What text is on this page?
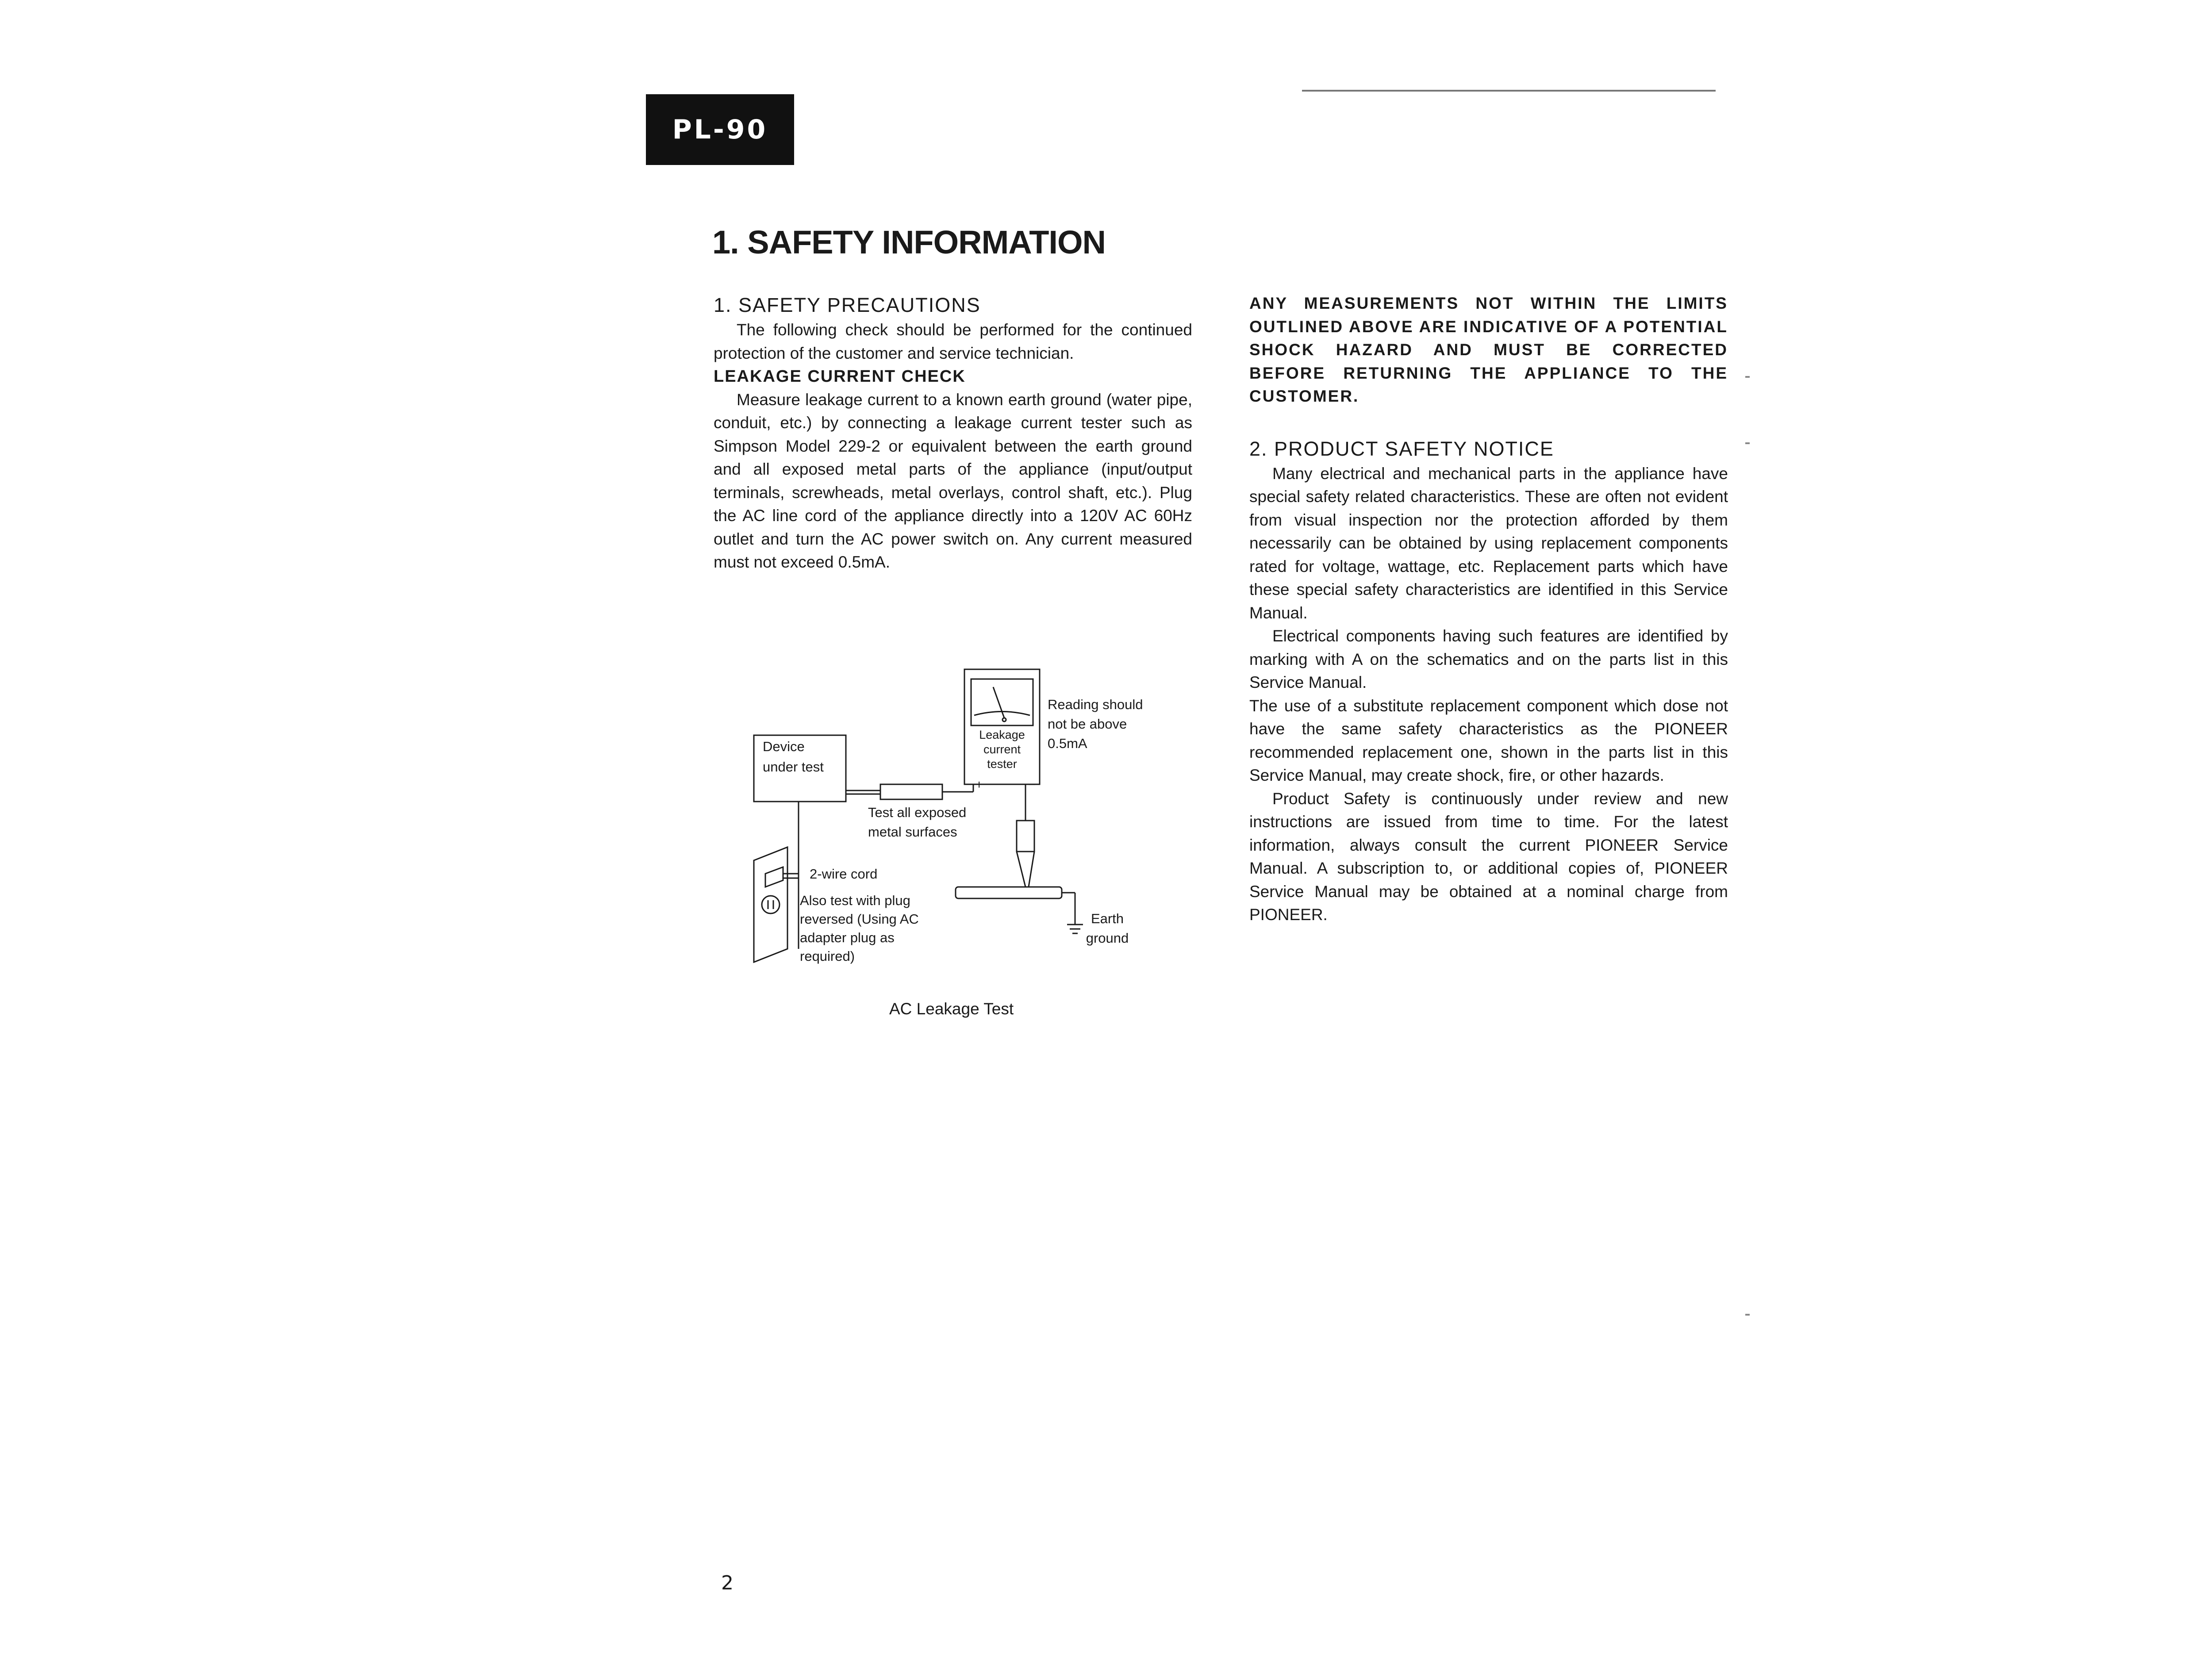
PL-90
1. SAFETY INFORMATION
1. SAFETY PRECAUTIONS

The following check should be performed for the continued protection of the customer and service technician.

LEAKAGE CURRENT CHECK

Measure leakage current to a known earth ground (water pipe, conduit, etc.) by connecting a leakage current tester such as Simpson Model 229-2 or equivalent between the earth ground and all exposed metal parts of the appliance (input/output terminals, screwheads, metal overlays, control shaft, etc.). Plug the AC line cord of the appliance directly into a 120V AC 60Hz outlet and turn the AC power switch on. Any current measured must not exceed 0.5mA.

Device under test
Leakage current tester
+	−
Reading should not be above 0.5mA
Test all exposed metal surfaces
2-wire cord
Also test with plug reversed (Using AC adapter plug as required)
Earth ground
AC Leakage Test

ANY MEASUREMENTS NOT WITHIN THE LIMITS OUTLINED ABOVE ARE INDICATIVE OF A POTENTIAL SHOCK HAZARD AND MUST BE CORRECTED BEFORE RETURNING THE APPLIANCE TO THE CUSTOMER.

2. PRODUCT SAFETY NOTICE

Many electrical and mechanical parts in the appliance have special safety related characteristics. These are often not evident from visual inspection nor the protection afforded by them necessarily can be obtained by using replacement components rated for voltage, wattage, etc. Replacement parts which have these special safety characteristics are identified in this Service Manual.

Electrical components having such features are identified by marking with A on the schematics and on the parts list in this Service Manual.

The use of a substitute replacement component which dose not have the same safety characteristics as the PIONEER recommended replacement one, shown in the parts list in this Service Manual, may create shock, fire, or other hazards.

Product Safety is continuously under review and new instructions are issued from time to time. For the latest information, always consult the current PIONEER Service Manual. A subscription to, or additional copies of, PIONEER Service Manual may be obtained at a nominal charge from PIONEER.

2
